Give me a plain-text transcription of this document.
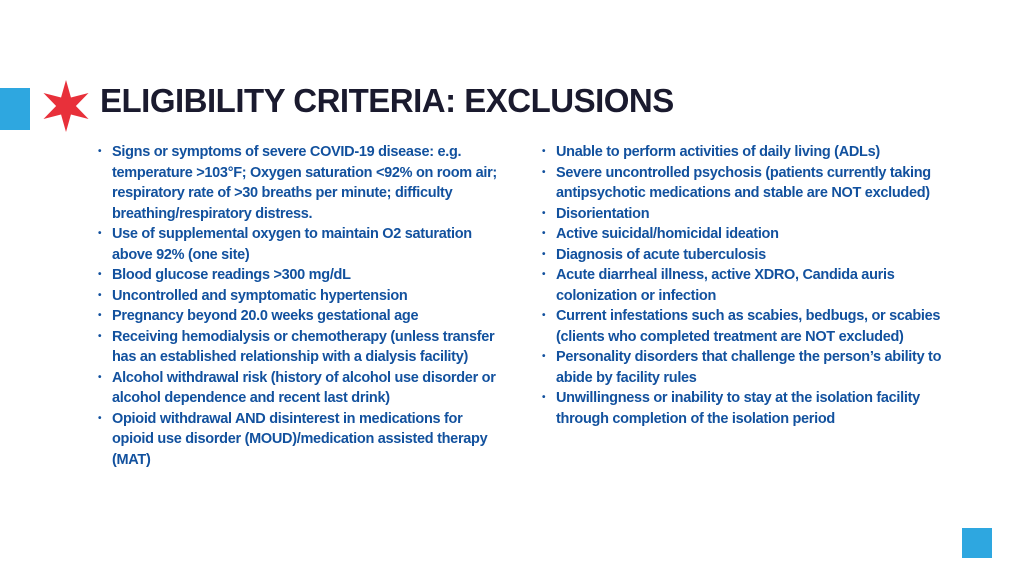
ELIGIBILITY CRITERIA: EXCLUSIONS
• Signs or symptoms of severe COVID-19 disease: e.g. temperature >103°F; Oxygen saturation <92% on room air; respiratory rate of >30 breaths per minute; difficulty breathing/respiratory distress.
• Use of supplemental oxygen to maintain O2 saturation above 92% (one site)
• Blood glucose readings >300 mg/dL
• Uncontrolled and symptomatic hypertension
• Pregnancy beyond 20.0 weeks gestational age
• Receiving hemodialysis or chemotherapy (unless transfer has an established relationship with a dialysis facility)
• Alcohol withdrawal risk (history of alcohol use disorder or alcohol dependence and recent last drink)
• Opioid withdrawal AND disinterest in medications for opioid use disorder (MOUD)/medication assisted therapy (MAT)
• Unable to perform activities of daily living (ADLs)
• Severe uncontrolled psychosis (patients currently taking antipsychotic medications and stable are NOT excluded)
• Disorientation
• Active suicidal/homicidal ideation
• Diagnosis of acute tuberculosis
• Acute diarrheal illness, active XDRO, Candida auris colonization or infection
• Current infestations such as scabies, bedbugs, or scabies (clients who completed treatment are NOT excluded)
• Personality disorders that challenge the person’s ability to abide by facility rules
• Unwillingness or inability to stay at the isolation facility through completion of the isolation period
